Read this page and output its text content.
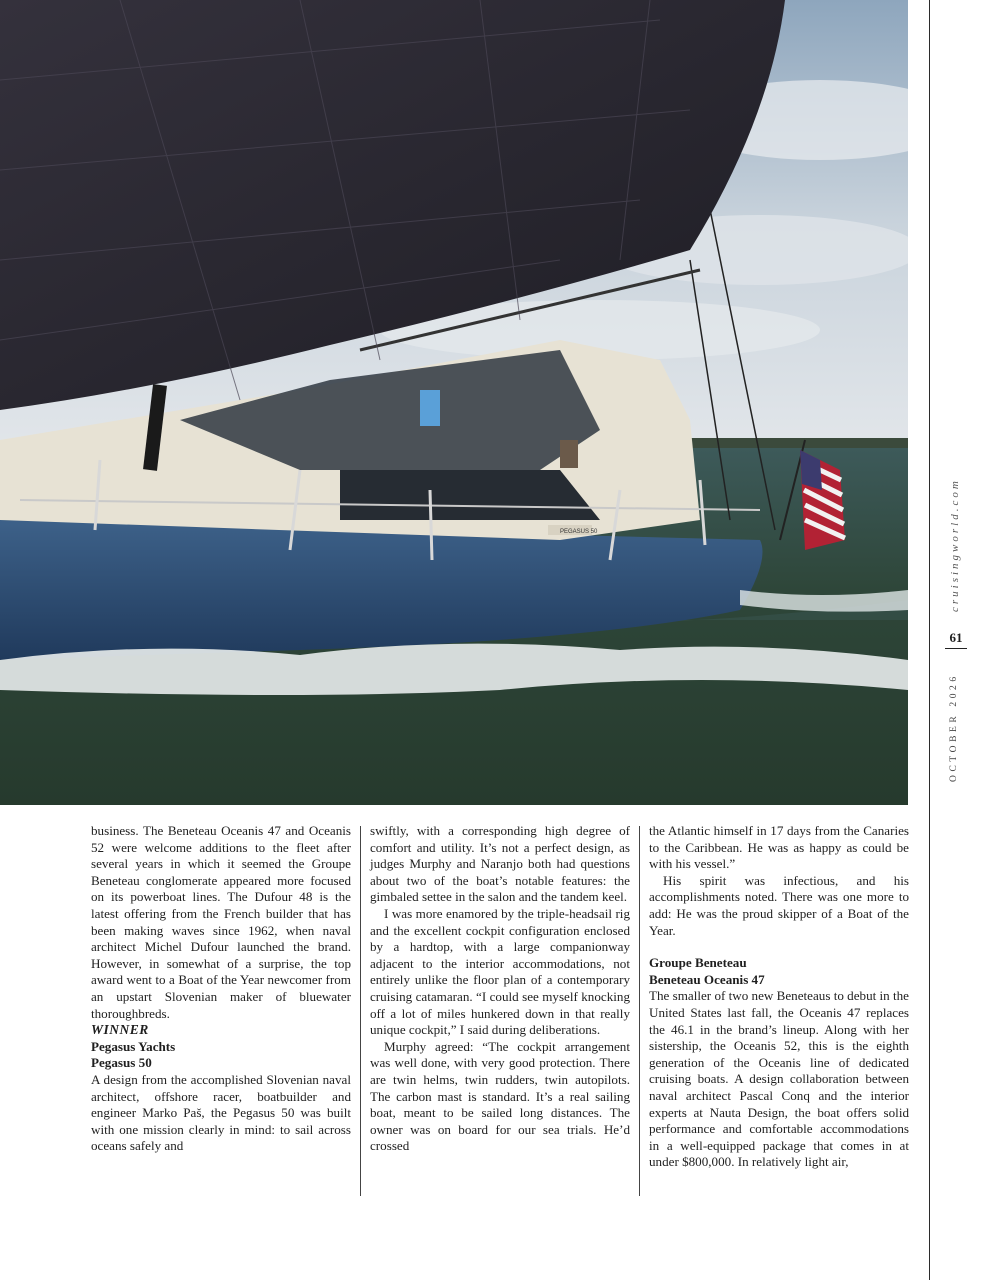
PEGASUS 50	cruisingworld.com
61
OCTOBER 2026

business. The Beneteau Oceanis 47 and Oceanis 52 were welcome additions to the fleet after several years in which it seemed the Groupe Beneteau conglomerate appeared more focused on its powerboat lines. The Dufour 48 is the latest offering from the French builder that has been making waves since 1962, when naval architect Michel Dufour launched the brand. However, in somewhat of a surprise, the top award went to a Boat of the Year newcomer from an upstart Slovenian maker of bluewater thoroughbreds.

WINNER

Pegasus Yachts

Pegasus 50

A design from the accomplished Slovenian naval architect, offshore racer, boatbuilder and engineer Marko Paš, the Pegasus 50 was built with one mission clearly in mind: to sail across oceans safely and

swiftly, with a corresponding high degree of comfort and utility. It’s not a perfect design, as judges Murphy and Naranjo both had questions about two of the boat’s notable features: the gimbaled settee in the salon and the tandem keel.

I was more enamored by the triple-headsail rig and the excellent cockpit configuration enclosed by a hardtop, with a large companionway adjacent to the interior accommodations, not entirely unlike the floor plan of a contemporary cruising catamaran. “I could see myself knocking off a lot of miles hunkered down in that really unique cockpit,” I said during deliberations.

Murphy agreed: “The cockpit arrangement was well done, with very good protection. There are twin helms, twin rudders, twin autopilots. The carbon mast is standard. It’s a real sailing boat, meant to be sailed long distances. The owner was on board for our sea trials. He’d crossed

the Atlantic himself in 17 days from the Canaries to the Caribbean. He was as happy as could be with his vessel.”

His spirit was infectious, and his accomplishments noted. There was one more to add: He was the proud skipper of a Boat of the Year.

Groupe Beneteau

Beneteau Oceanis 47

The smaller of two new Beneteaus to debut in the United States last fall, the Oceanis 47 replaces the 46.1 in the brand’s lineup. Along with her sistership, the Oceanis 52, this is the eighth generation of the Oceanis line of dedicated cruising boats. A design collaboration between naval architect Pascal Conq and the interior experts at Nauta Design, the boat offers solid performance and comfortable accommodations in a well-equipped package that comes in at under $800,000. In relatively light air,
